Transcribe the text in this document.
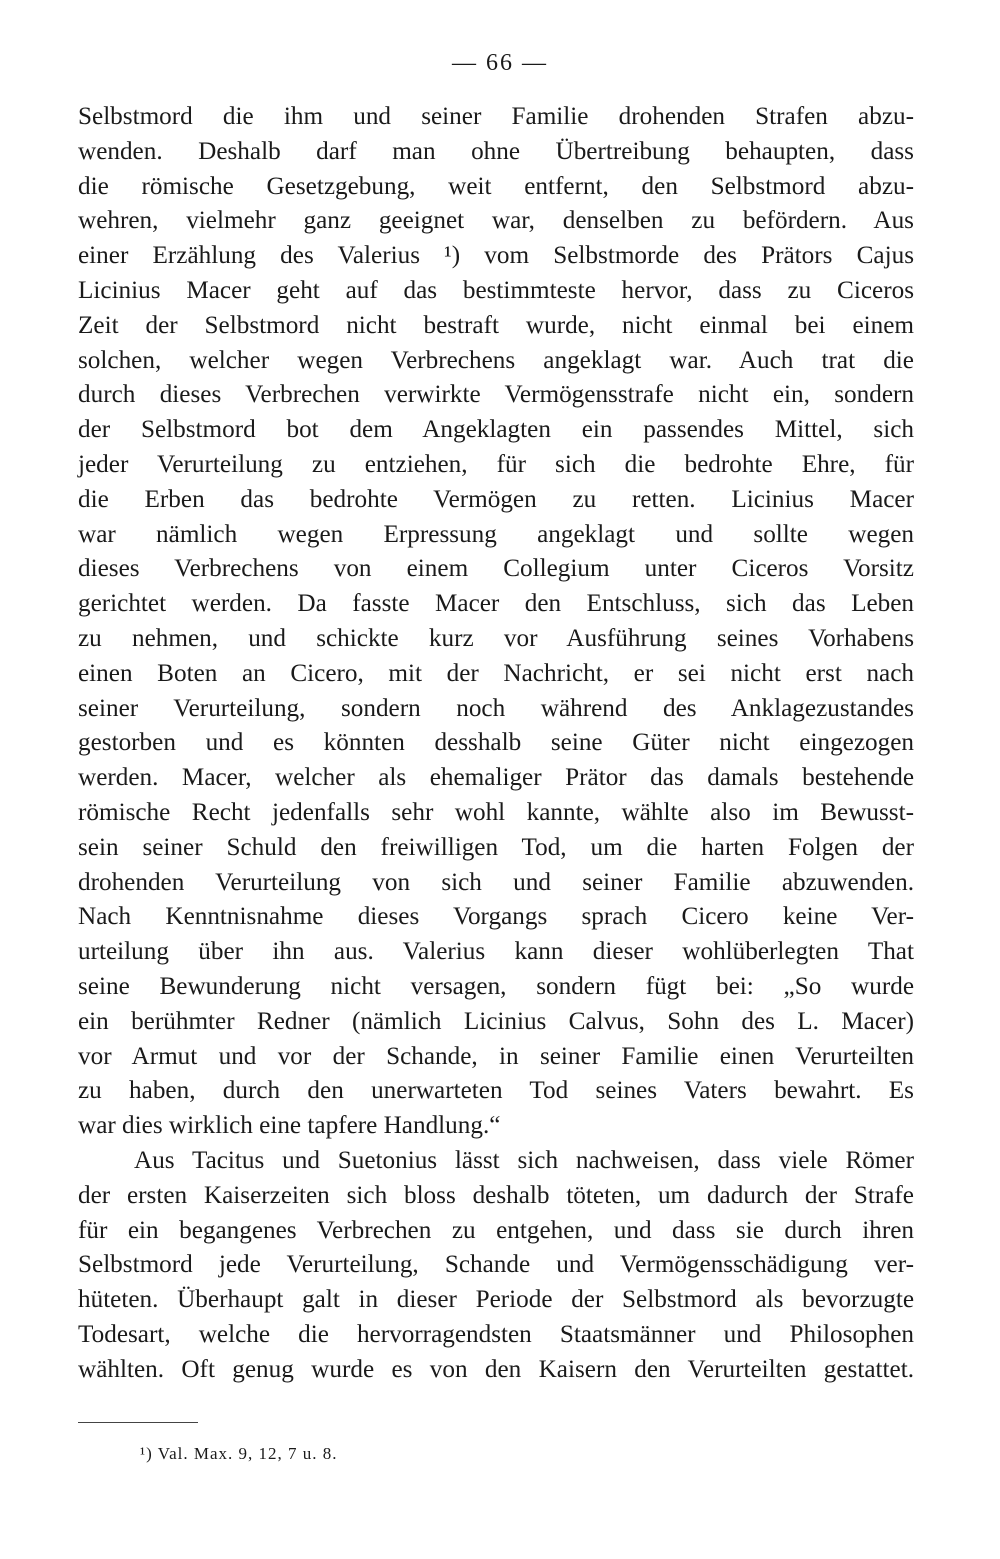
— 66 —
Selbstmord die ihm und seiner Familie drohenden Strafen abzu-
wenden. Deshalb darf man ohne Übertreibung behaupten, dass
die römische Gesetzgebung, weit entfernt, den Selbstmord abzu-
wehren, vielmehr ganz geeignet war, denselben zu befördern. Aus
einer Erzählung des Valerius ¹) vom Selbstmorde des Prätors Cajus
Licinius Macer geht auf das bestimmteste hervor, dass zu Ciceros
Zeit der Selbstmord nicht bestraft wurde, nicht einmal bei einem
solchen, welcher wegen Verbrechens angeklagt war. Auch trat die
durch dieses Verbrechen verwirkte Vermögensstrafe nicht ein, sondern
der Selbstmord bot dem Angeklagten ein passendes Mittel, sich
jeder Verurteilung zu entziehen, für sich die bedrohte Ehre, für
die Erben das bedrohte Vermögen zu retten. Licinius Macer
war nämlich wegen Erpressung angeklagt und sollte wegen
dieses Verbrechens von einem Collegium unter Ciceros Vorsitz
gerichtet werden. Da fasste Macer den Entschluss, sich das Leben
zu nehmen, und schickte kurz vor Ausführung seines Vorhabens
einen Boten an Cicero, mit der Nachricht, er sei nicht erst nach
seiner Verurteilung, sondern noch während des Anklagezustandes
gestorben und es könnten desshalb seine Güter nicht eingezogen
werden. Macer, welcher als ehemaliger Prätor das damals bestehende
römische Recht jedenfalls sehr wohl kannte, wählte also im Bewusst-
sein seiner Schuld den freiwilligen Tod, um die harten Folgen der
drohenden Verurteilung von sich und seiner Familie abzuwenden.
Nach Kenntnisnahme dieses Vorgangs sprach Cicero keine Ver-
urteilung über ihn aus. Valerius kann dieser wohlüberlegten That
seine Bewunderung nicht versagen, sondern fügt bei: „So wurde
ein berühmter Redner (nämlich Licinius Calvus, Sohn des L. Macer)
vor Armut und vor der Schande, in seiner Familie einen Verurteilten
zu haben, durch den unerwarteten Tod seines Vaters bewahrt. Es
war dies wirklich eine tapfere Handlung.“
Aus Tacitus und Suetonius lässt sich nachweisen, dass viele Römer
der ersten Kaiserzeiten sich bloss deshalb töteten, um dadurch der Strafe
für ein begangenes Verbrechen zu entgehen, und dass sie durch ihren
Selbstmord jede Verurteilung, Schande und Vermögensschädigung ver-
hüteten. Überhaupt galt in dieser Periode der Selbstmord als bevorzugte
Todesart, welche die hervorragendsten Staatsmänner und Philosophen
wählten. Oft genug wurde es von den Kaisern den Verurteilten gestattet.
¹) Val. Max. 9, 12, 7 u. 8.
